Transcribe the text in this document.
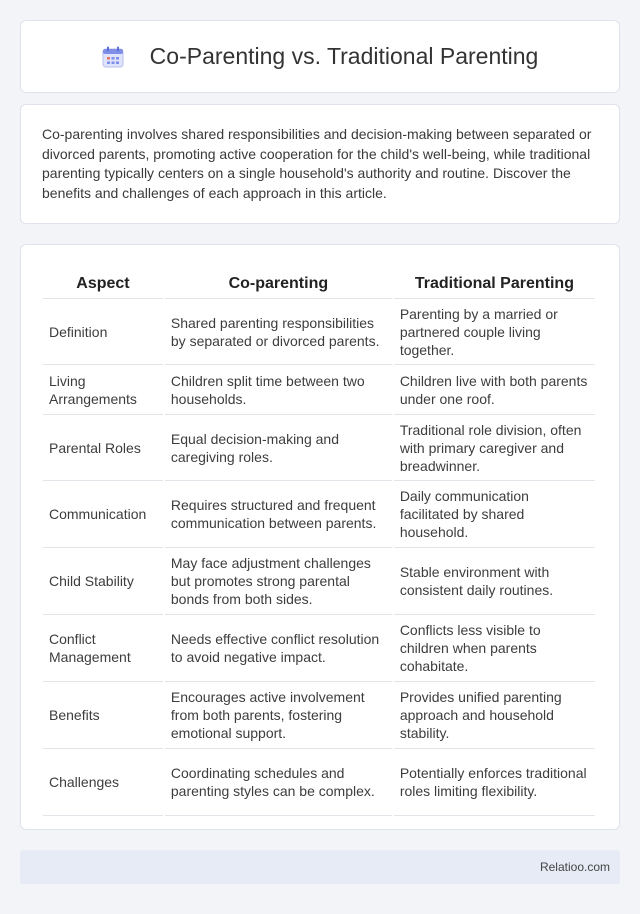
Co-Parenting vs. Traditional Parenting

Co-parenting involves shared responsibilities and decision-making between separated or divorced parents, promoting active cooperation for the child's well-being, while traditional parenting typically centers on a single household's authority and routine. Discover the benefits and challenges of each approach in this article.

Aspect	Co-parenting	Traditional Parenting
Definition	Shared parenting responsibilities by separated or divorced parents.	Parenting by a married or partnered couple living together.
Living Arrangements	Children split time between two households.	Children live with both parents under one roof.
Parental Roles	Equal decision-making and caregiving roles.	Traditional role division, often with primary caregiver and breadwinner.
Communication	Requires structured and frequent communication between parents.	Daily communication facilitated by shared household.
Child Stability	May face adjustment challenges but promotes strong parental bonds from both sides.	Stable environment with consistent daily routines.
Conflict Management	Needs effective conflict resolution to avoid negative impact.	Conflicts less visible to children when parents cohabitate.
Benefits	Encourages active involvement from both parents, fostering emotional support.	Provides unified parenting approach and household stability.
Challenges	Coordinating schedules and parenting styles can be complex.	Potentially enforces traditional roles limiting flexibility.
Relatioo.com
